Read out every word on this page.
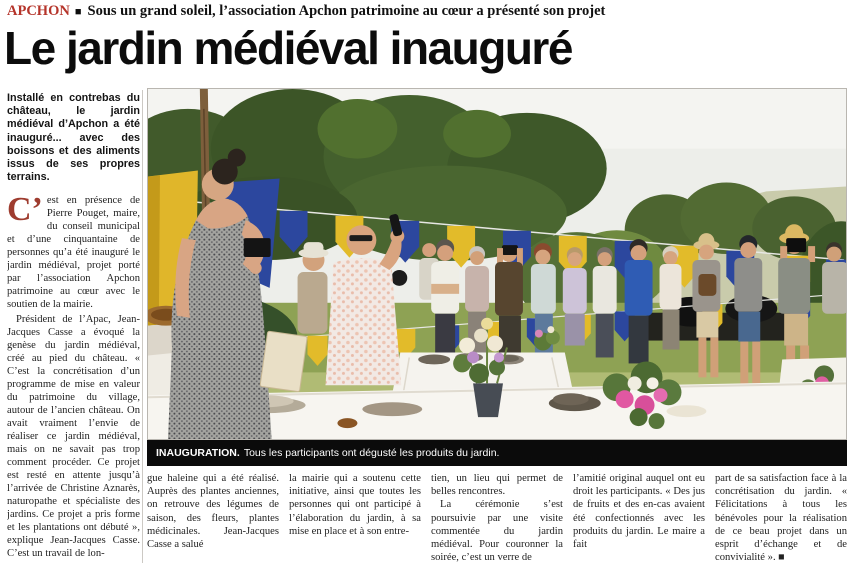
APCHON ■ Sous un grand soleil, l’association Apchon patrimoine au cœur a présenté son projet
Le jardin médiéval inauguré
Installé en contrebas du château, le jardin médiéval d’Apchon a été inauguré... avec des boissons et des aliments issus de ses propres terrains.

C’ est en présence de Pierre Pouget, maire, du conseil municipal et d’une cinquantaine de personnes qu’a été inauguré le jardin médiéval, projet porté par l’association Apchon patrimoine au cœur avec le soutien de la mairie.

Président de l’Apac, Jean-Jacques Casse a évoqué la genèse du jardin médiéval, créé au pied du château. « C’est la concrétisation d’un programme de mise en valeur du patrimoine du village, autour de l’ancien château. On avait vraiment l’envie de réaliser ce jardin médiéval, mais on ne savait pas trop comment procéder. Ce projet est resté en attente jusqu’à l’arrivée de Christine Aznarès, naturopathe et spécialiste des jardins. Ce projet a pris forme et les plantations ont débuté », explique Jean-Jacques Casse. C’est un travail de lon-

INAUGURATION. Tous les participants ont dégusté les produits du jardin.

gue haleine qui a été réalisé. Auprès des plantes anciennes, on retrouve des légumes de saison, des fleurs, plantes médicinales. Jean-Jacques Casse a salué

la mairie qui a soutenu cette initiative, ainsi que toutes les personnes qui ont participé à l’élaboration du jardin, à sa mise en place et à son entre-

tien, un lieu qui permet de belles rencontres.

La cérémonie s’est poursuivie par une visite commentée du jardin médiéval. Pour couronner la soirée, c’est un verre de

l’amitié original auquel ont eu droit les participants. « Des jus de fruits et des en-cas avaient été confectionnés avec les produits du jardin. Le maire a fait

part de sa satisfaction face à la concrétisation du jardin. « Félicitations à tous les bénévoles pour la réalisation de ce beau projet dans un esprit d’échange et de convivialité ». ■
